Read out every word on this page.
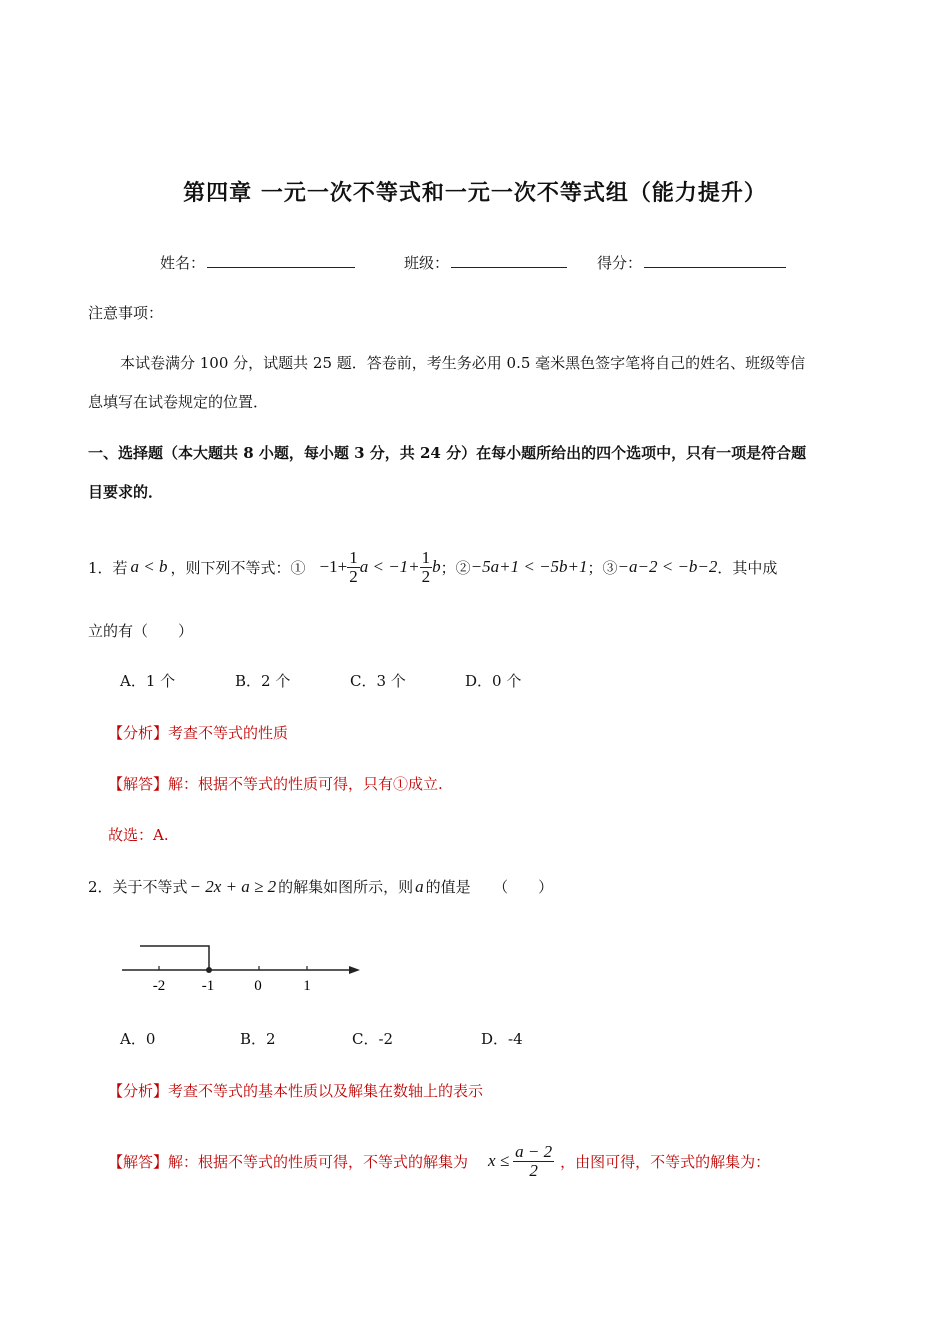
第四章 一元一次不等式和一元一次不等式组（能力提升）
姓名：	班级：	得分：
注意事项：
本试卷满分 100 分，试题共 25 题．答卷前，考生务必用 0.5 毫米黑色签字笔将自己的姓名、班级等信
息填写在试卷规定的位置．
一、选择题（本大题共 8 小题，每小题 3 分，共 24 分）在每小题所给出的四个选项中，只有一项是符合题
目要求的．
1．若 a < b ，则下列不等式：① $-1+ \frac{1}{2}$ $a < -1+ \frac{1}{2}$ b ；② −5a+1 < −5b+1 ；③ −a−2 < −b−2 ．其中成
立的有（　　）
A．1 个	B．2 个	C．3 个	D．0 个
【分析】考查不等式的性质
【解答】解：根据不等式的性质可得，只有①成立.
故选：A.
2．关于不等式 − 2x + a ≥ 2 的解集如图所示，则 a 的值是　　（　　）
-2 -1	0	1
A．0	B．2	C．-2	D．-4
【分析】考查不等式的基本性质以及解集在数轴上的表示
【解答】 解：根据不等式的性质可得，不等式的解集为 $x \le \frac{a - 2}{2}$ ，由图可得，不等式的解集为：
